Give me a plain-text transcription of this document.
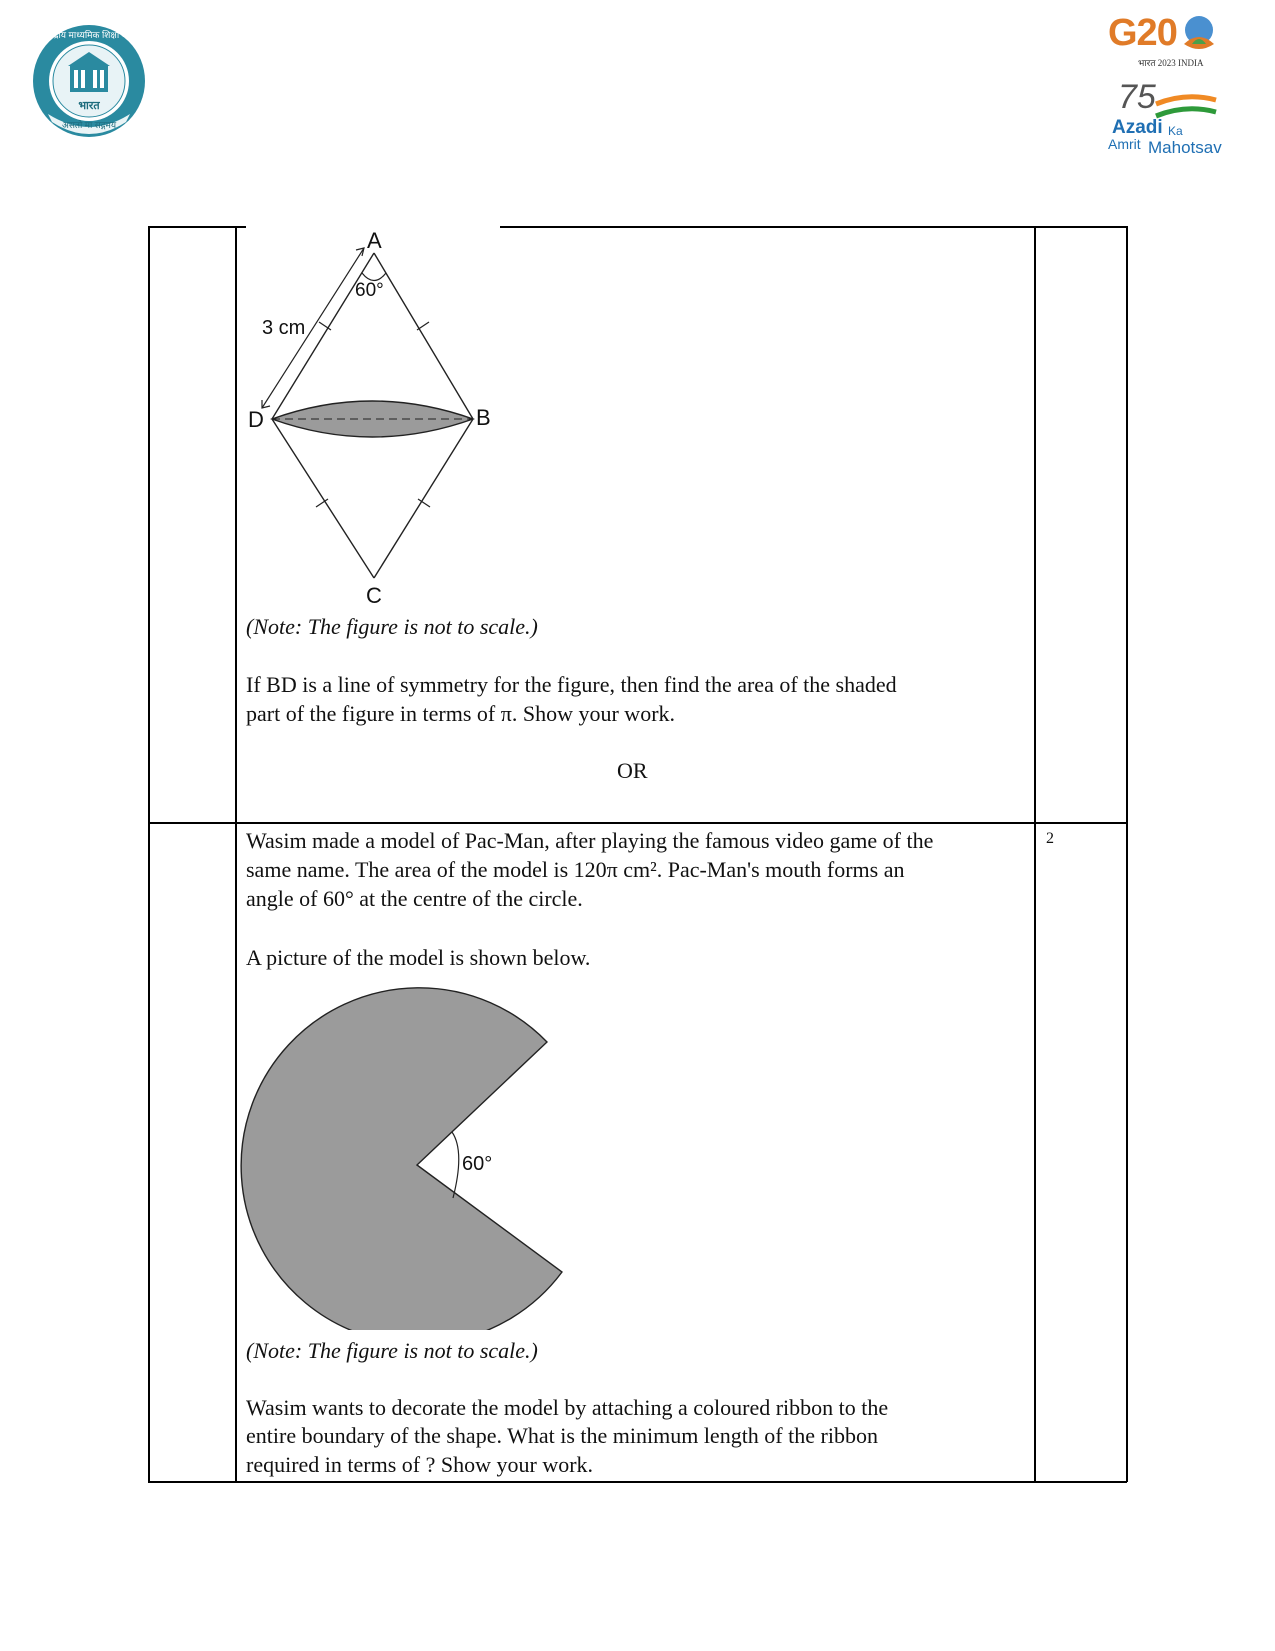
केन्द्रीय माध्यमिक शिक्षा बोर्ड
भारत
असतो मा सद्गमय
G20
भारत 2023 INDIA
75
Azadi Ka
Amrit Mahotsav
A
60°
3 cm
D	B
C
(Note: The figure is not to scale.)
If BD is a line of symmetry for the figure, then find the area of the shaded
part of the figure in terms of π. Show your work.
OR
2
Wasim made a model of Pac-Man, after playing the famous video game of the
same name. The area of the model is 120π cm². Pac-Man's mouth forms an
angle of 60° at the centre of the circle.
A picture of the model is shown below.
60°
(Note: The figure is not to scale.)
Wasim wants to decorate the model by attaching a coloured ribbon to the
entire boundary of the shape. What is the minimum length of the ribbon
required in terms of ? Show your work.
